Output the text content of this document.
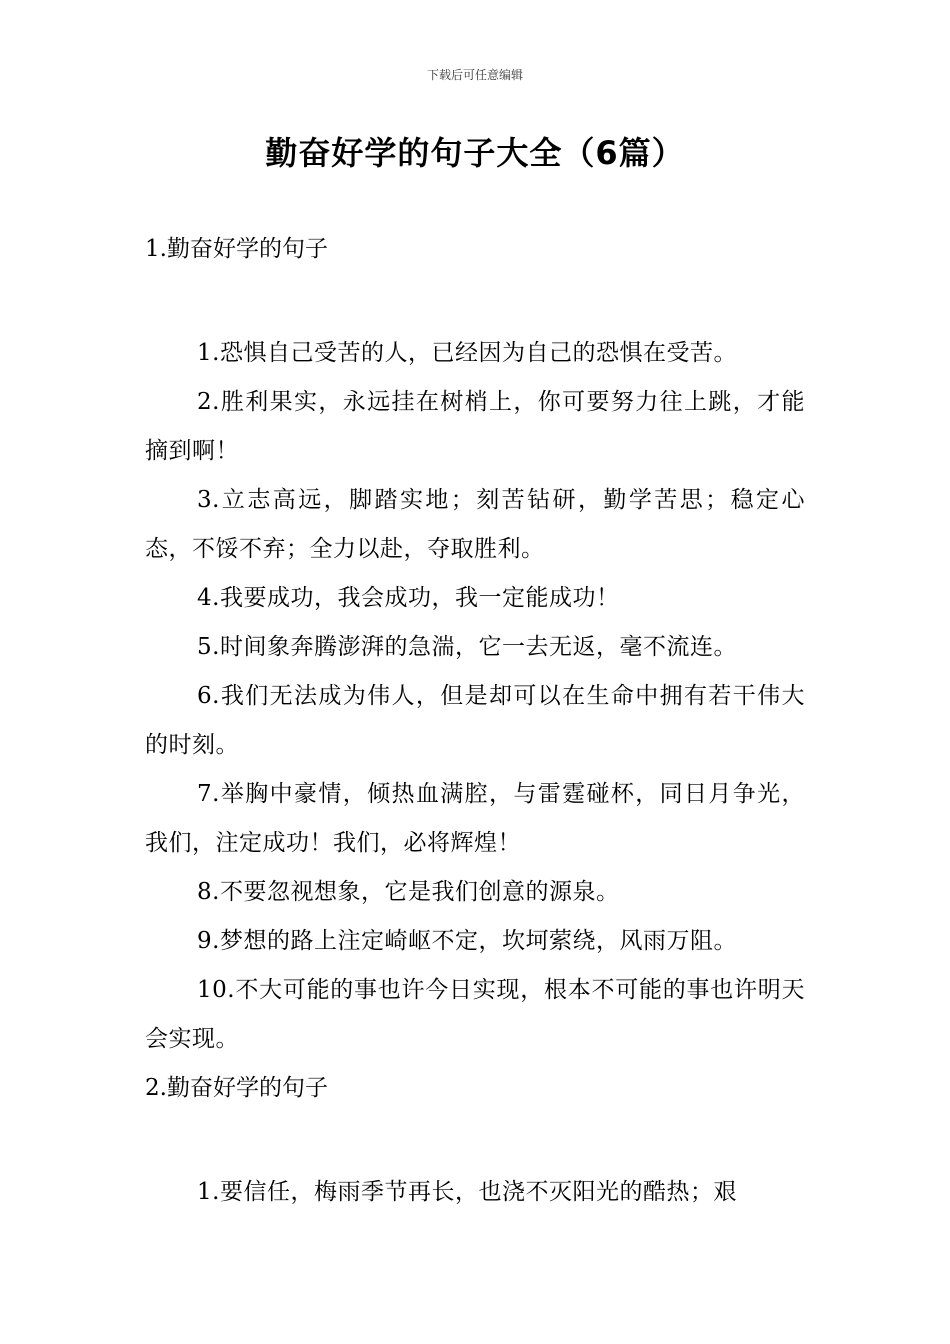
下载后可任意编辑
勤奋好学的句子大全（6篇）

1.勤奋好学的句子

1.恐惧自己受苦的人，已经因为自己的恐惧在受苦。

2.胜利果实，永远挂在树梢上，你可要努力往上跳，才能摘到啊！

3.立志高远，脚踏实地；刻苦钻研，勤学苦思；稳定心态，不馁不弃；全力以赴，夺取胜利。

4.我要成功，我会成功，我一定能成功！

5.时间象奔腾澎湃的急湍，它一去无返，毫不流连。

6.我们无法成为伟人，但是却可以在生命中拥有若干伟大的时刻。

7.举胸中豪情，倾热血满腔，与雷霆碰杯，同日月争光，我们，注定成功！我们，必将辉煌！

8.不要忽视想象，它是我们创意的源泉。

9.梦想的路上注定崎岖不定，坎坷萦绕，风雨万阻。

10.不大可能的事也许今日实现，根本不可能的事也许明天会实现。

2.勤奋好学的句子

1.要信任，梅雨季节再长，也浇不灭阳光的酷热；艰
